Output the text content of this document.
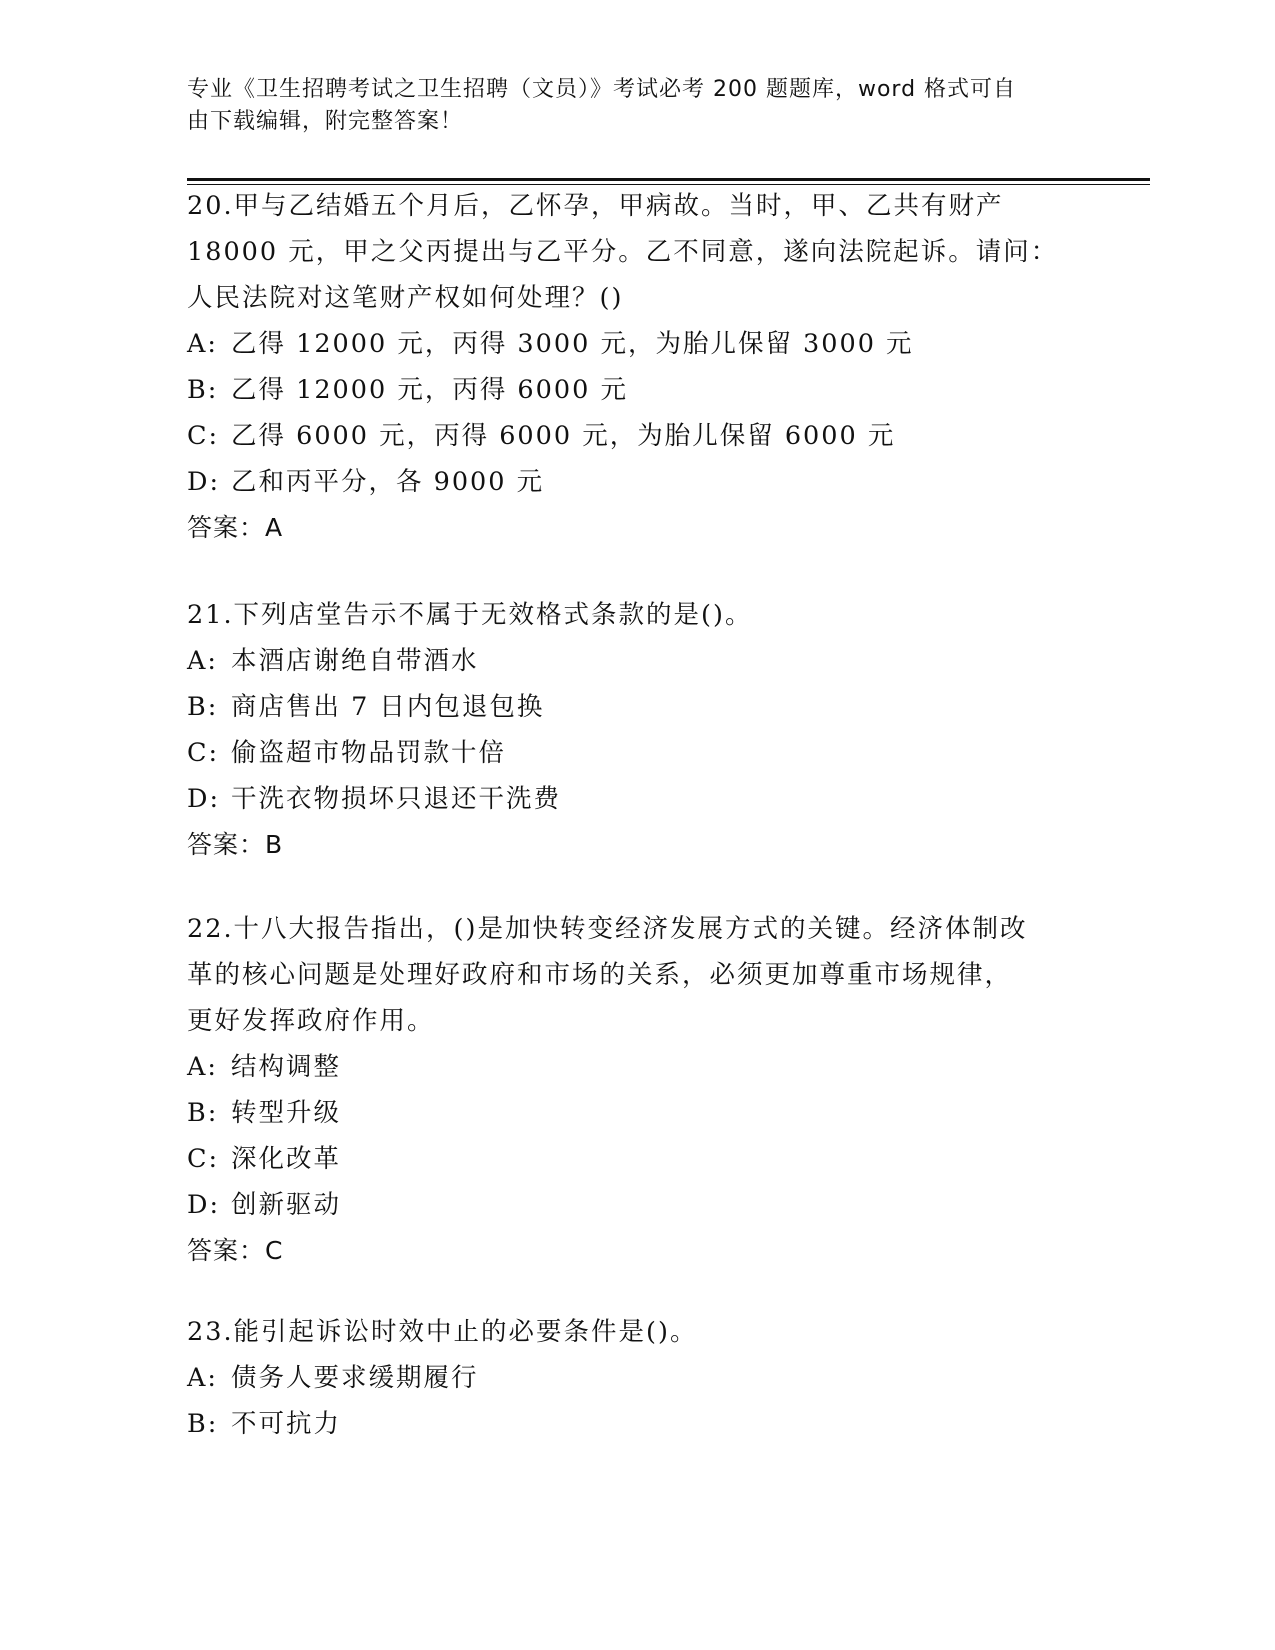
专业《卫生招聘考试之卫生招聘（文员）》考试必考 200 题题库，word 格式可自
由下载编辑，附完整答案！
20.甲与乙结婚五个月后，乙怀孕，甲病故。当时，甲、乙共有财产
18000 元，甲之父丙提出与乙平分。乙不同意，遂向法院起诉。请问：
人民法院对这笔财产权如何处理？()
A: 乙得 12000 元，丙得 3000 元，为胎儿保留 3000 元
B: 乙得 12000 元，丙得 6000 元
C: 乙得 6000 元，丙得 6000 元，为胎儿保留 6000 元
D: 乙和丙平分，各 9000 元
答案：A
21.下列店堂告示不属于无效格式条款的是()。
A: 本酒店谢绝自带酒水
B: 商店售出 7 日内包退包换
C: 偷盗超市物品罚款十倍
D: 干洗衣物损坏只退还干洗费
答案：B
22.十八大报告指出，()是加快转变经济发展方式的关键。经济体制改
革的核心问题是处理好政府和市场的关系，必须更加尊重市场规律，
更好发挥政府作用。
A: 结构调整
B: 转型升级
C: 深化改革
D: 创新驱动
答案：C
23.能引起诉讼时效中止的必要条件是()。
A: 债务人要求缓期履行
B: 不可抗力
